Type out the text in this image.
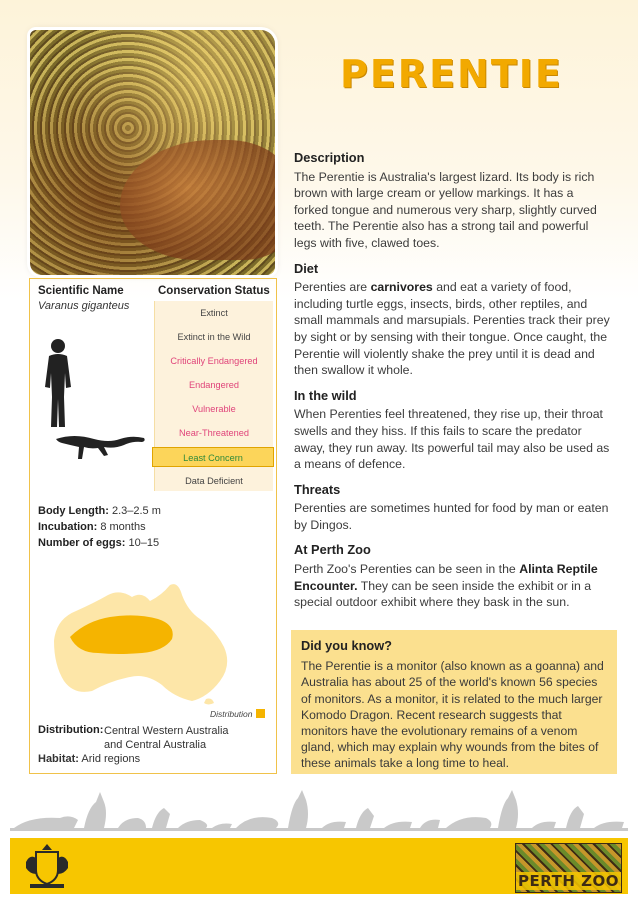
PERENTIE
Description

The Perentie is Australia's largest lizard. Its body is rich brown with large cream or yellow markings. It has a forked tongue and numerous very sharp, slightly curved teeth. The Perentie also has a strong tail and powerful legs with five, clawed toes.

Diet

Perenties are carnivores and eat a variety of food, including turtle eggs, insects, birds, other reptiles, and small mammals and marsupials. Perenties track their prey by sight or by sensing with their tongue. Once caught, the Perentie will violently shake the prey until it is dead and then swallow it whole.

In the wild

When Perenties feel threatened, they rise up, their throat swells and they hiss. If this fails to scare the predator away, they run away. Its powerful tail may also be used as a means of defence.

Threats

Perenties are sometimes hunted for food by man or eaten by Dingos.

At Perth Zoo

Perth Zoo's Perenties can be seen in the Alinta Reptile Encounter. They can be seen inside the exhibit or in a special outdoor exhibit where they bask in the sun.

Scientific Name
Varanus giganteus
Conservation Status
Extinct
Extinct in the Wild
Critically Endangered
Endangered
Vulnerable
Near-Threatened
Least Concern
Data Deficient
Body Length: 2.3–2.5 m
Incubation: 8 months
Number of eggs: 10–15
Distribution
Distribution: Central Western Australia
and Central Australia
Habitat: Arid regions
Did you know?

The Perentie is a monitor (also known as a goanna) and Australia has about 25 of the world's known 56 species of monitors. As a monitor, it is related to the much larger Komodo Dragon. Recent research suggests that monitors have the evolutionary remains of a venom gland, which may explain why wounds from the bites of these animals take a long time to heal.

PERTH ZOO
